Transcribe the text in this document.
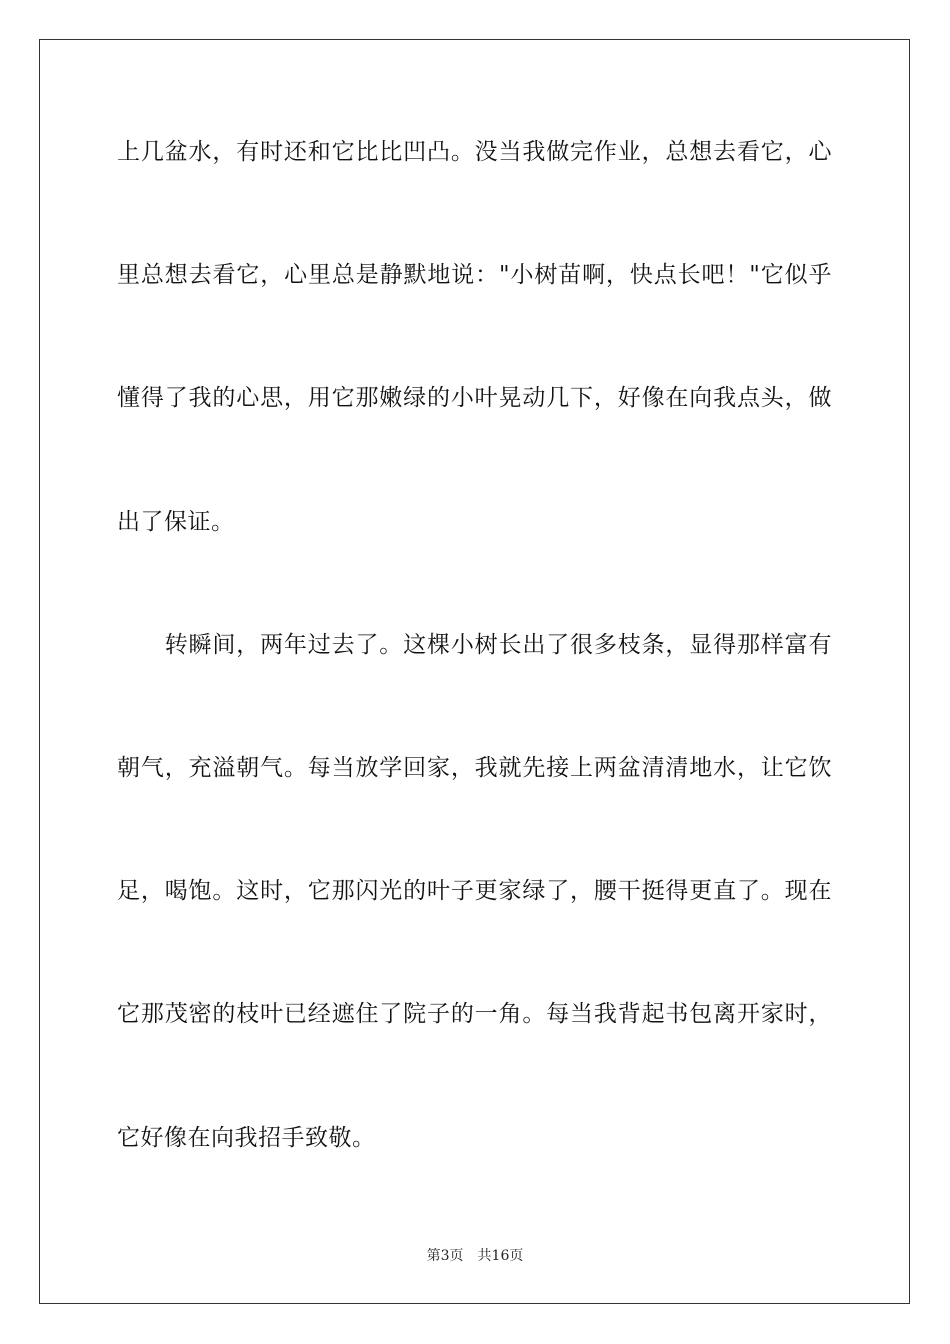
上几盆水，有时还和它比比凹凸。没当我做完作业，总想去看它，心
里总想去看它，心里总是静默地说："小树苗啊，快点长吧！"它似乎
懂得了我的心思，用它那嫩绿的小叶晃动几下，好像在向我点头，做
出了保证。
　　转瞬间，两年过去了。这棵小树长出了很多枝条，显得那样富有
朝气，充溢朝气。每当放学回家，我就先接上两盆清清地水，让它饮
足，喝饱。这时，它那闪光的叶子更家绿了，腰干挺得更直了。现在
它那茂密的枝叶已经遮住了院子的一角。每当我背起书包离开家时，
它好像在向我招手致敬。
第3页 共16页
